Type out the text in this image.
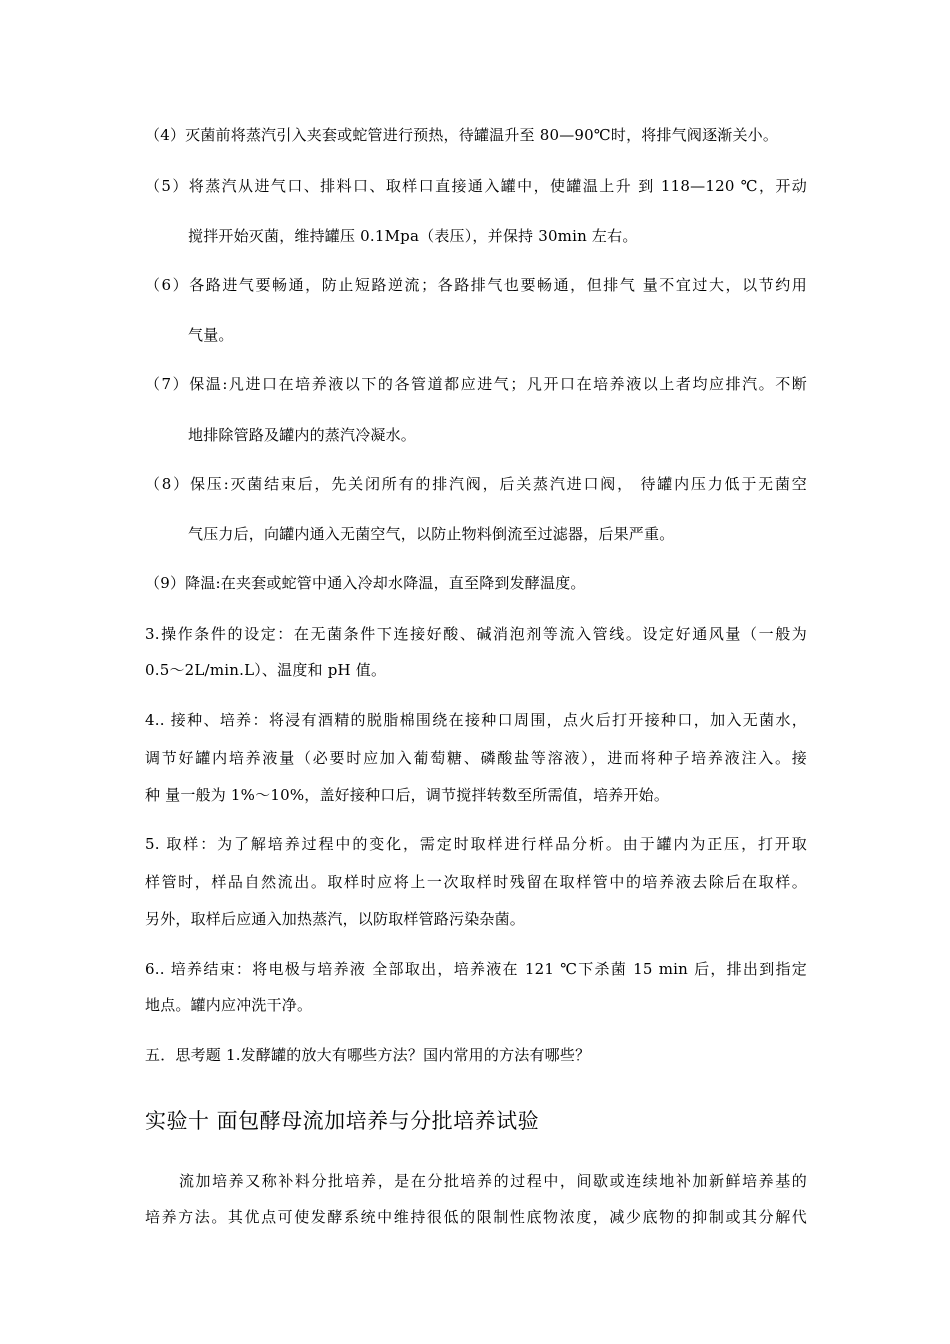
（4）灭菌前将蒸汽引入夹套或蛇管进行预热，待罐温升至 80—90℃时，将排气阀逐渐关小。
（5）将蒸汽从进气口、排料口、取样口直接通入罐中，使罐温上升 到 118—120 ℃，开动
搅拌开始灭菌，维持罐压 0.1Mpa（表压），并保持 30min 左右。
（6）各路进气要畅通，防止短路逆流；各路排气也要畅通，但排气 量不宜过大，以节约用
气量。
（7）保温:凡进口在培养液以下的各管道都应进气；凡开口在培养液以上者均应排汽。不断
地排除管路及罐内的蒸汽冷凝水。
（8）保压:灭菌结束后，先关闭所有的排汽阀，后关蒸汽进口阀， 待罐内压力低于无菌空
气压力后，向罐内通入无菌空气，以防止物料倒流至过滤器，后果严重。
（9）降温:在夹套或蛇管中通入冷却水降温，直至降到发酵温度。
3.操作条件的设定：在无菌条件下连接好酸、碱消泡剂等流入管线。设定好通风量（一般为
0.5～2L/min.L）、温度和 pH 值。
4.. 接种、培养：将浸有酒精的脱脂棉围绕在接种口周围，点火后打开接种口，加入无菌水，
调节好罐内培养液量（必要时应加入葡萄糖、磷酸盐等溶液），进而将种子培养液注入。接
种 量一般为 1%～10%，盖好接种口后，调节搅拌转数至所需值，培养开始。
5. 取样：为了解培养过程中的变化，需定时取样进行样品分析。由于罐内为正压，打开取
样管时，样品自然流出。取样时应将上一次取样时残留在取样管中的培养液去除后在取样。
另外，取样后应通入加热蒸汽，以防取样管路污染杂菌。
6.. 培养结束：将电极与培养液 全部取出，培养液在 121 ℃下杀菌 15 min 后，排出到指定
地点。罐内应冲洗干净。
五．思考题 1.发酵罐的放大有哪些方法？国内常用的方法有哪些？
实验十 面包酵母流加培养与分批培养试验
流加培养又称补料分批培养，是在分批培养的过程中，间歇或连续地补加新鲜培养基的
培养方法。其优点可使发酵系统中维持很低的限制性底物浓度，减少底物的抑制或其分解代
